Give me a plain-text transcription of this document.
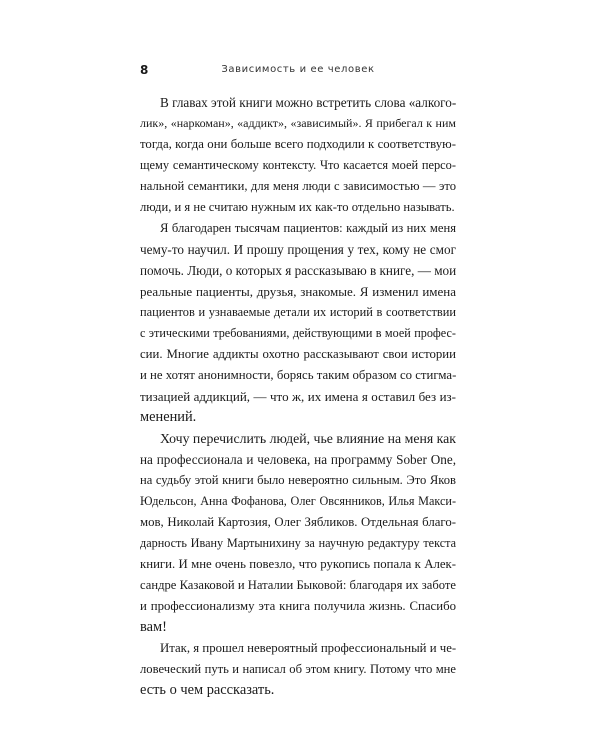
8	Зависимость и ее человек
В главах этой книги можно встретить слова «алкого-
лик», «наркоман», «аддикт», «зависимый». Я прибегал к ним
тогда, когда они больше всего подходили к соответствую-
щему семантическому контексту. Что касается моей персо-
нальной семантики, для меня люди с зависимостью — это
люди, и я не считаю нужным их как-то отдельно называть.
Я благодарен тысячам пациентов: каждый из них меня
чему-то научил. И прошу прощения у тех, кому не смог
помочь. Люди, о которых я рассказываю в книге, — мои
реальные пациенты, друзья, знакомые. Я изменил имена
пациентов и узнаваемые детали их историй в соответствии
с этическими требованиями, действующими в моей профес-
сии. Многие аддикты охотно рассказывают свои истории
и не хотят анонимности, борясь таким образом со стигма-
тизацией аддикций, — что ж, их имена я оставил без из-
менений.
Хочу перечислить людей, чье влияние на меня как
на профессионала и человека, на программу Sober One,
на судьбу этой книги было невероятно сильным. Это Яков
Юдельсон, Анна Фофанова, Олег Овсянников, Илья Макси-
мов, Николай Картозия, Олег Зябликов. Отдельная благо-
дарность Ивану Мартынихину за научную редактуру текста
книги. И мне очень повезло, что рукопись попала к Алек-
сандре Казаковой и Наталии Быковой: благодаря их заботе
и профессионализму эта книга получила жизнь. Спасибо
вам!
Итак, я прошел невероятный профессиональный и че-
ловеческий путь и написал об этом книгу. Потому что мне
есть о чем рассказать.
